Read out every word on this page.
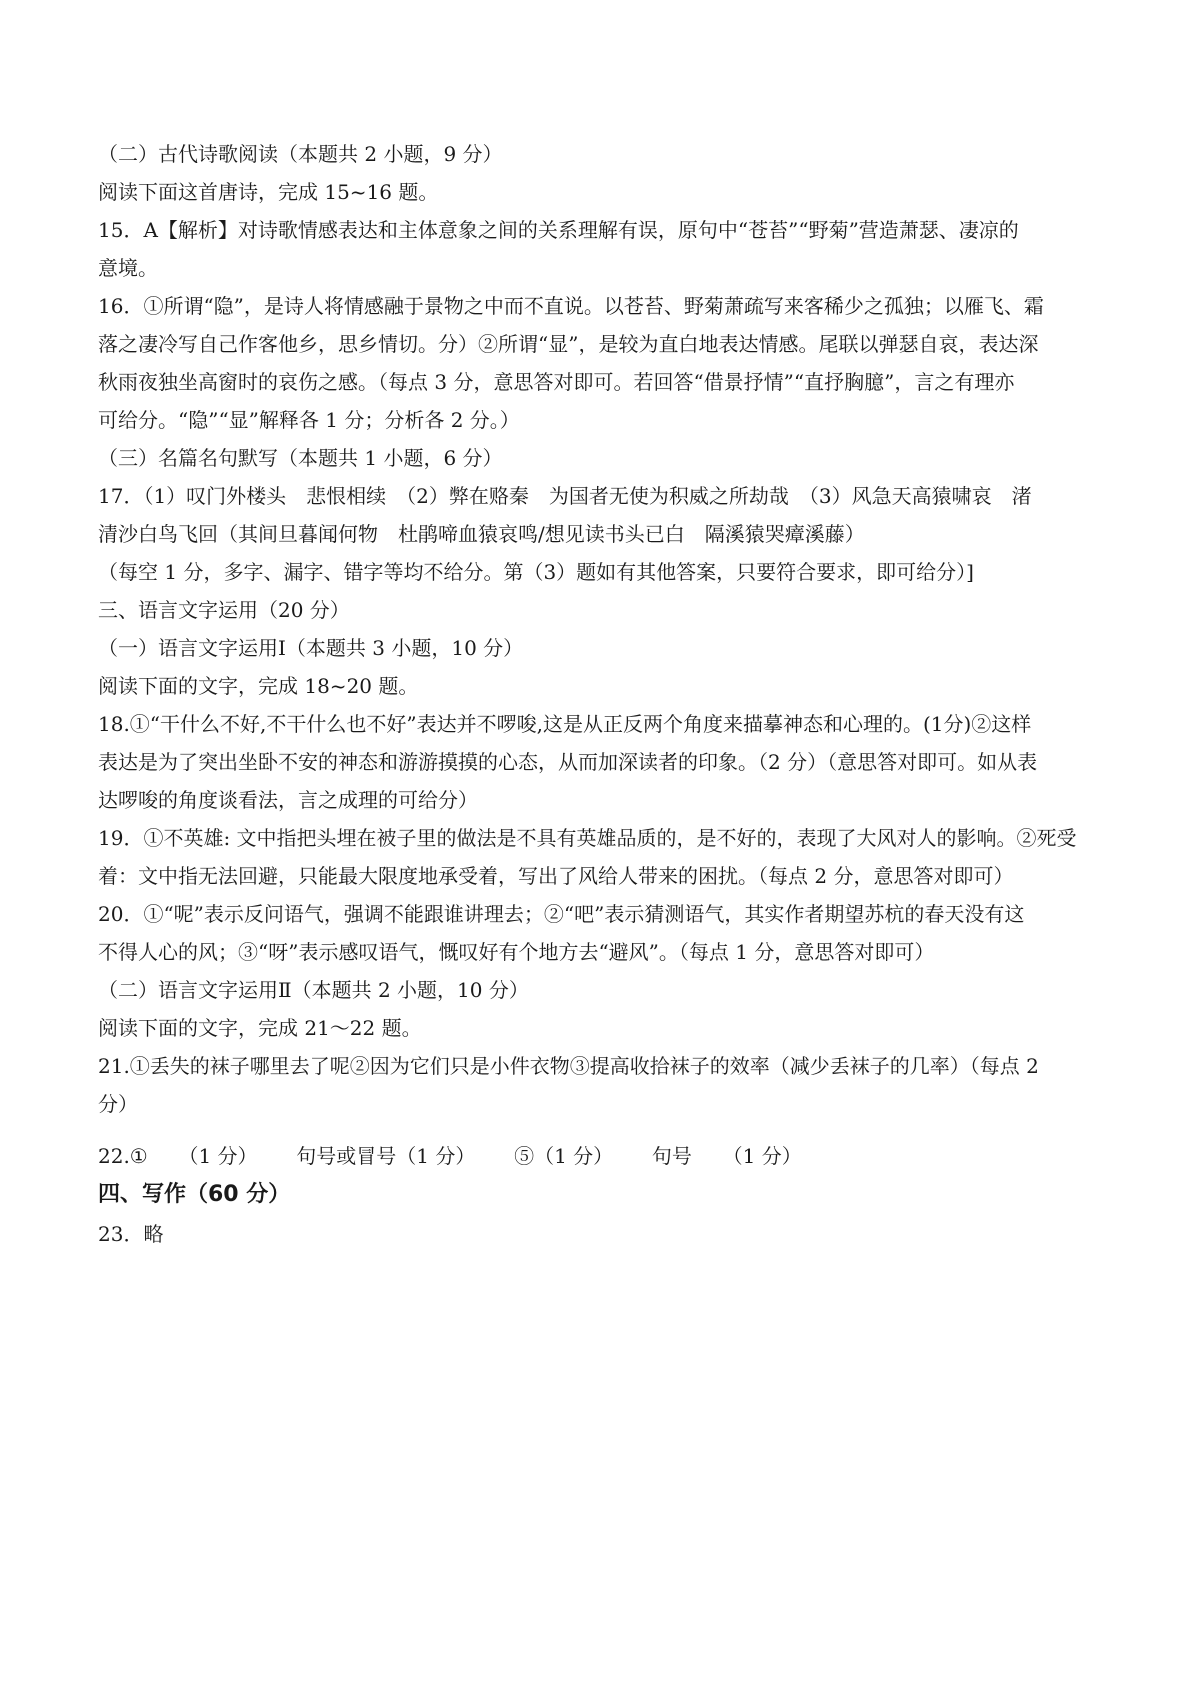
（二）古代诗歌阅读（本题共 2 小题，9 分）
阅读下面这首唐诗，完成 15~16 题。
15．A【解析】对诗歌情感表达和主体意象之间的关系理解有误，原句中“苍苔”“野菊”营造萧瑟、凄凉的
意境。
16．①所谓“隐”，是诗人将情感融于景物之中而不直说。以苍苔、野菊萧疏写来客稀少之孤独；以雁飞、霜
落之凄冷写自己作客他乡，思乡情切。分）②所谓“显”，是较为直白地表达情感。尾联以弹瑟自哀，表达深
秋雨夜独坐高窗时的哀伤之感。（每点 3 分，意思答对即可。若回答“借景抒情”“直抒胸臆”，言之有理亦
可给分。“隐”“显”解释各 1 分；分析各 2 分。）
（三）名篇名句默写（本题共 1 小题，6 分）
17．（1）叹门外楼头　悲恨相续　（2）弊在赂秦　为国者无使为积威之所劫哉　（3）风急天高猿啸哀　渚
清沙白鸟飞回（其间旦暮闻何物　杜鹃啼血猿哀鸣/想见读书头已白　隔溪猿哭瘴溪藤）
（每空 1 分，多字、漏字、错字等均不给分。第（3）题如有其他答案，只要符合要求，即可给分）]
三、语言文字运用（20 分）
（一）语言文字运用Ⅰ（本题共 3 小题，10 分）
阅读下面的文字，完成 18~20 题。
18.①“干什么不好,不干什么也不好”表达并不啰唆,这是从正反两个角度来描摹神态和心理的。(1分)②这样
表达是为了突出坐卧不安的神态和游游摸摸的心态，从而加深读者的印象。（2 分）（意思答对即可。如从表
达啰唆的角度谈看法，言之成理的可给分）
19．①不英雄: 文中指把头埋在被子里的做法是不具有英雄品质的，是不好的，表现了大风对人的影响。②死受
着：文中指无法回避，只能最大限度地承受着，写出了风给人带来的困扰。（每点 2 分，意思答对即可）
20．①“呢”表示反问语气，强调不能跟谁讲理去；②“吧”表示猜测语气，其实作者期望苏杭的春天没有这
不得人心的风；③“呀”表示感叹语气，慨叹好有个地方去“避风”。（每点 1 分，意思答对即可）
（二）语言文字运用Ⅱ（本题共 2 小题，10 分）
阅读下面的文字，完成 21～22 题。
21.①丢失的袜子哪里去了呢②因为它们只是小件衣物③提高收拾袜子的效率（减少丢袜子的几率）（每点 2
分）
22.① （1 分） 句号或冒号（1 分） ⑤（1 分） 句号 （1 分）
四、写作（60 分）
23．略
